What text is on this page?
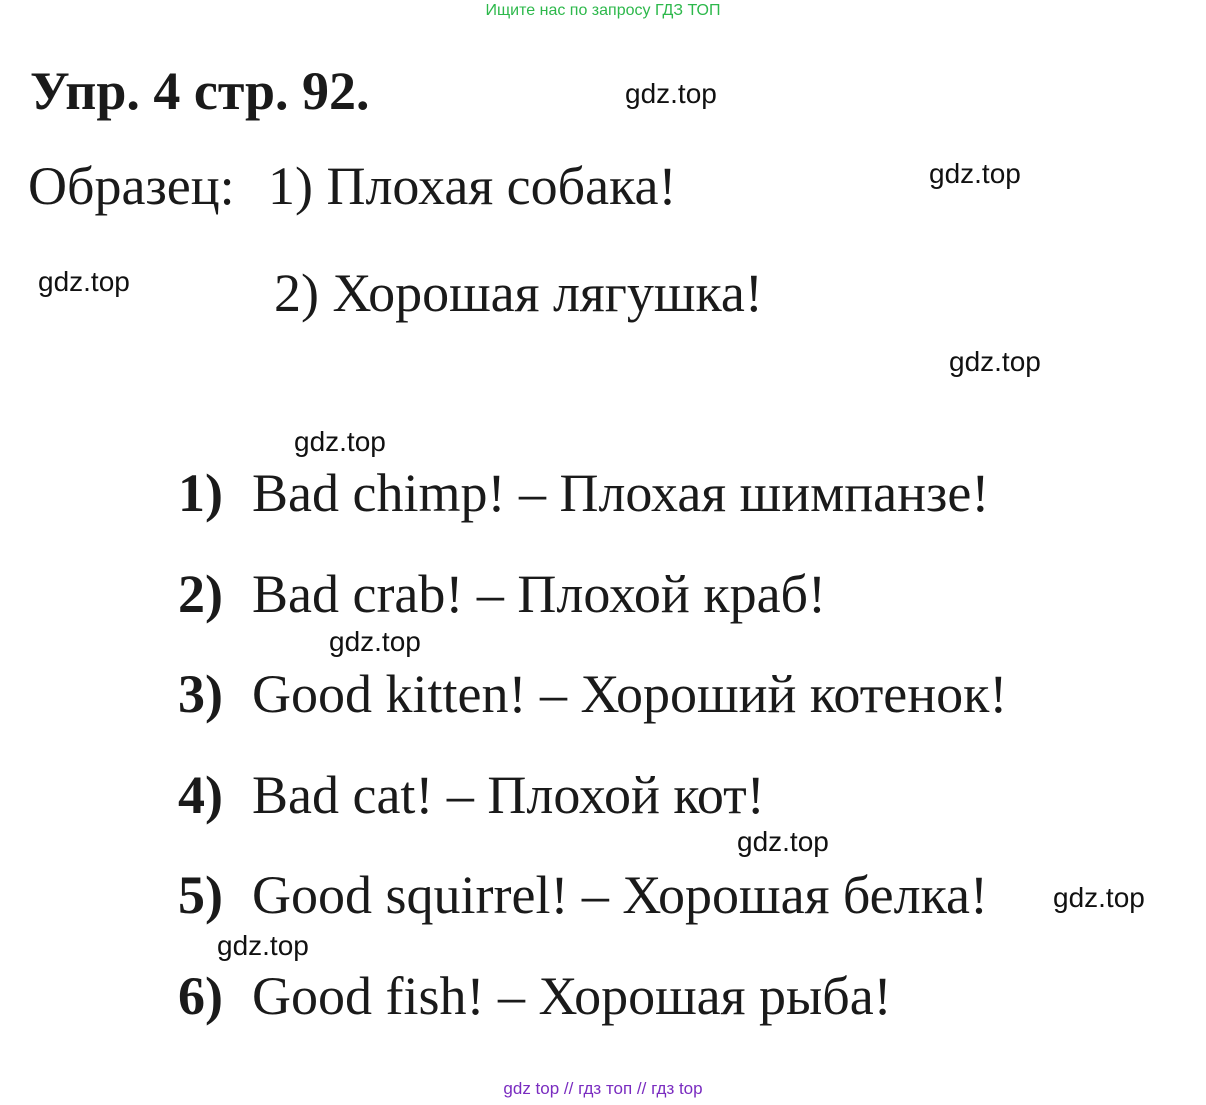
Ищите нас по запросу ГДЗ ТОП
Упр. 4 стр. 92.
Образец: 1) Плохая собака!
2) Хорошая лягушка!
gdz.top
gdz.top
gdz.top
gdz.top
gdz.top
gdz.top
gdz.top
gdz.top
gdz.top
1) Bad chimp! – Плохая шимпанзе!
2) Bad crab! – Плохой краб!
3) Good kitten! – Хороший котенок!
4) Bad cat! – Плохой кот!
5) Good squirrel! – Хорошая белка!
6) Good fish! – Хорошая рыба!
gdz top // гдз топ // гдз top
